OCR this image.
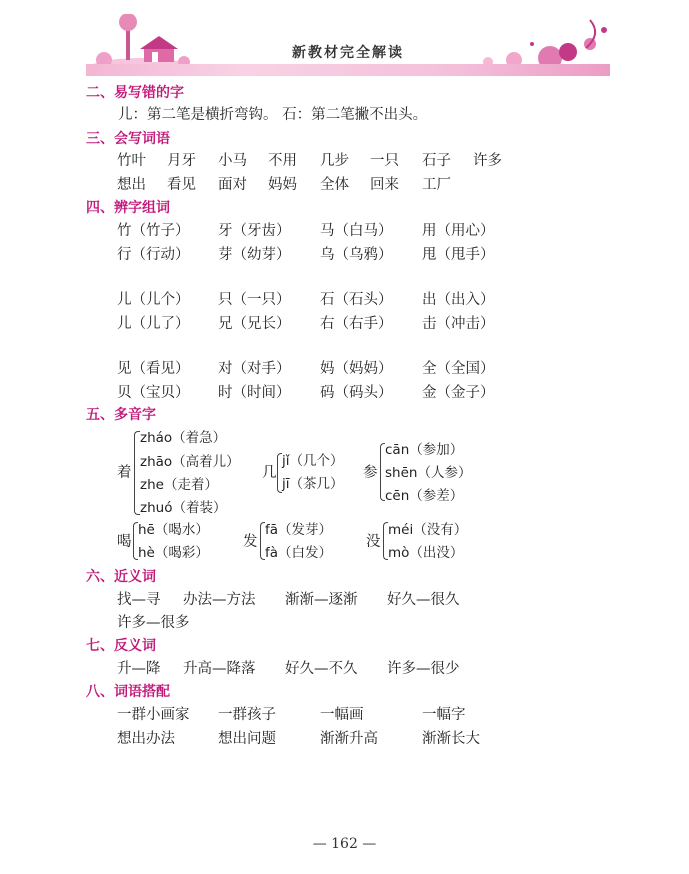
新教材完全解读
二、易写错的字
儿：第二笔是横折弯钩。 石：第二笔撇不出头。
三、会写词语
竹叶 月牙 小马 不用 几步 一只 石子 许多
想出 看见 面对 妈妈 全体 回来 工厂
四、辨字组词
竹（竹子） 牙（牙齿） 马（白马） 用（用心）
行（行动） 芽（幼芽） 乌（乌鸦） 甩（甩手）
儿（儿个） 只（一只） 石（石头） 出（出入）
儿（儿了） 兄（兄长） 右（右手） 击（冲击）
见（看见） 对（对手） 妈（妈妈） 全（全国）
贝（宝贝） 时（时间） 码（码头） 金（金子）
五、多音字
着
zháo（着急）
zhāo（高着儿）
zhe（走着）
zhuó（着装）
几
jǐ（几个）
jī（茶几）
参
cān（参加）
shēn（人参）
cēn（参差）
喝
hē（喝水）
hè（喝彩）
发
fā（发芽）
fà（白发）
没
méi（没有）
mò（出没）
六、近义词
找—寻 办法—方法 渐渐—逐渐 好久—很久
许多—很多
七、反义词
升—降 升高—降落 好久—不久 许多—很少
八、词语搭配
一群小画家 一群孩子	一幅画	一幅字
想出办法	想出问题	渐渐升高	渐渐长大
— 162 —
